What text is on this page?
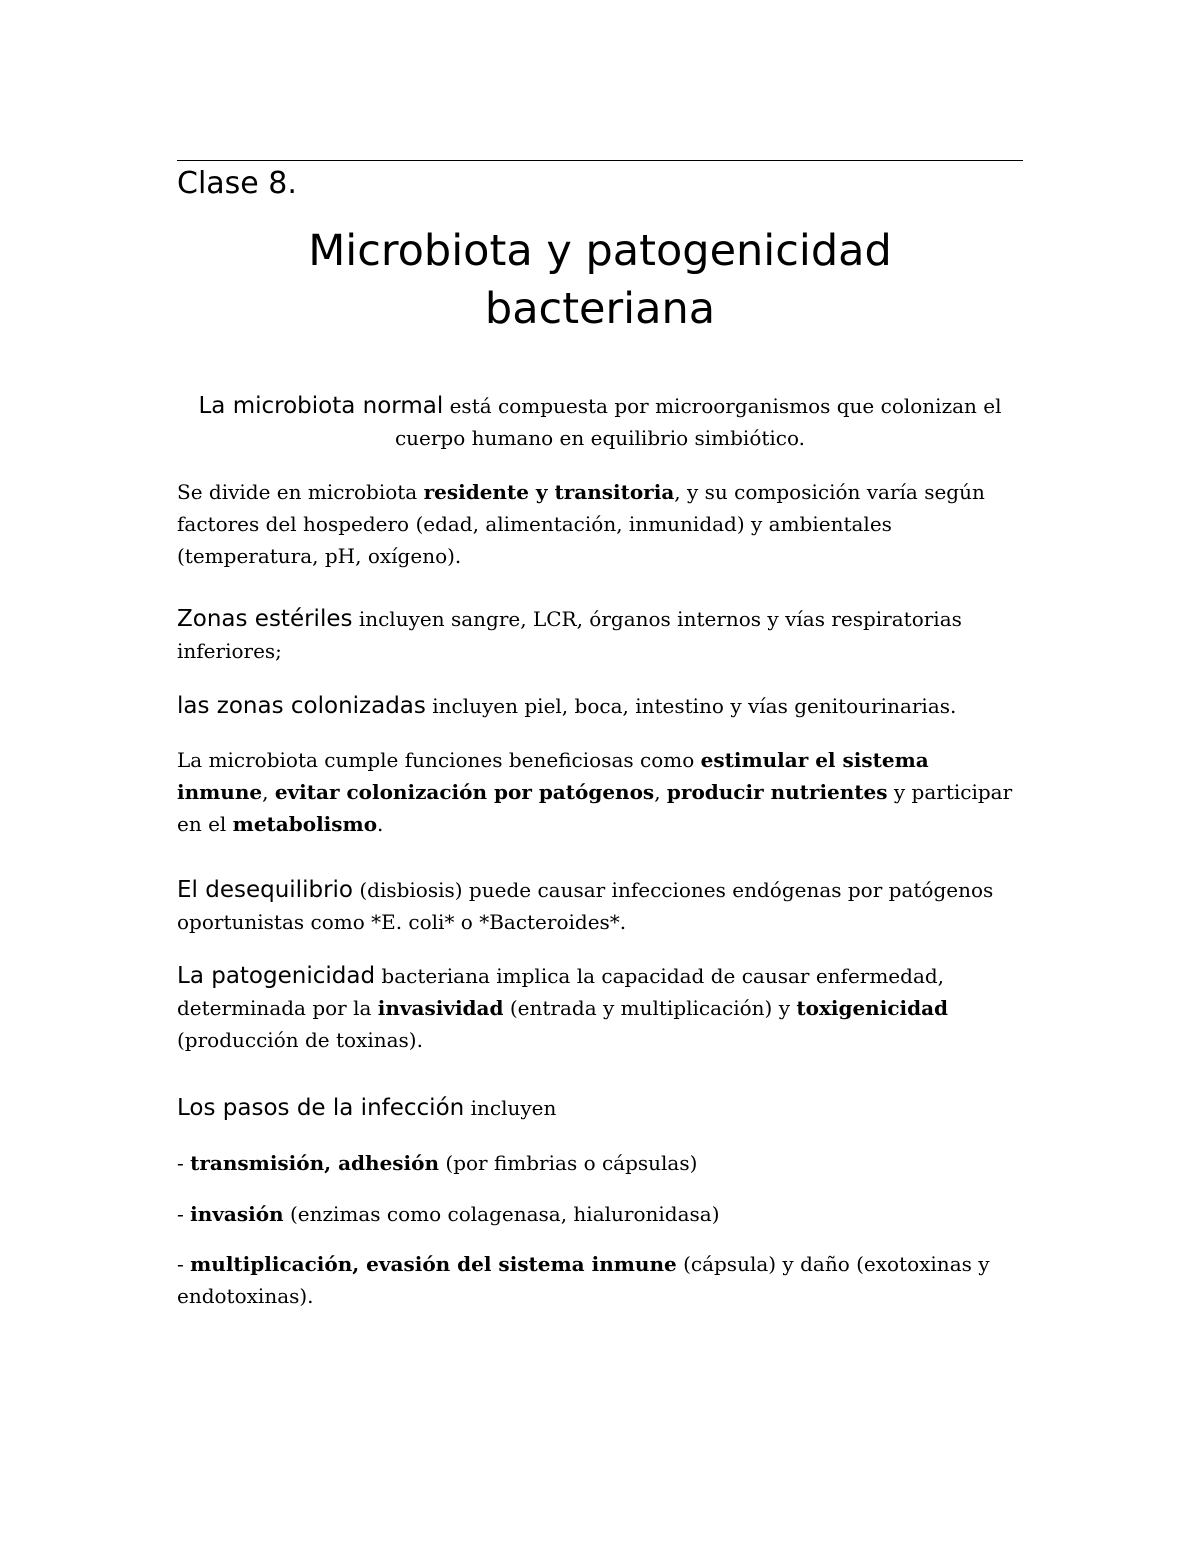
Clase 8.
Microbiota y patogenicidad
bacteriana

La microbiota normal está compuesta por microorganismos que colonizan el cuerpo humano en equilibrio simbiótico.

Se divide en microbiota residente y transitoria, y su composición varía según factores del hospedero (edad, alimentación, inmunidad) y ambientales (temperatura, pH, oxígeno).

Zonas estériles incluyen sangre, LCR, órganos internos y vías respiratorias inferiores;

las zonas colonizadas incluyen piel, boca, intestino y vías genitourinarias.

La microbiota cumple funciones beneficiosas como estimular el sistema inmune, evitar colonización por patógenos, producir nutrientes y participar en el metabolismo.

El desequilibrio (disbiosis) puede causar infecciones endógenas por patógenos oportunistas como *E. coli* o *Bacteroides*.

La patogenicidad bacteriana implica la capacidad de causar enfermedad, determinada por la invasividad (entrada y multiplicación) y toxigenicidad (producción de toxinas).

Los pasos de la infección incluyen

- transmisión, adhesión (por fimbrias o cápsulas)

- invasión (enzimas como colagenasa, hialuronidasa)

- multiplicación, evasión del sistema inmune (cápsula) y daño (exotoxinas y endotoxinas).
